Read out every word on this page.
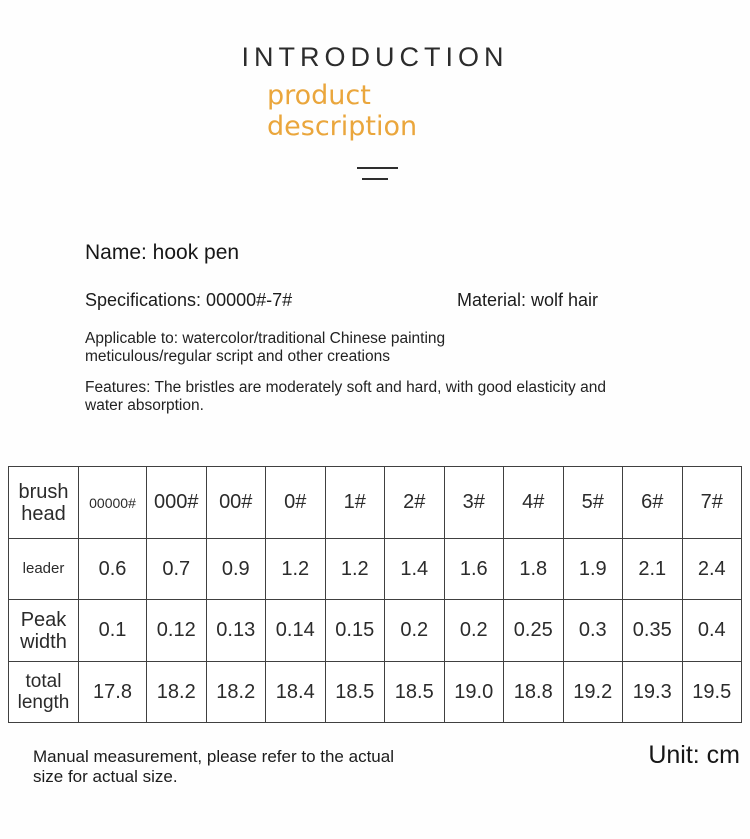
INTRODUCTION
product
description
Name: hook pen
Specifications: 00000#-7#	Material: wolf hair
Applicable to: watercolor/traditional Chinese painting
meticulous/regular script and other creations
Features: The bristles are moderately soft and hard, with good elasticity and
water absorption.
brush head	00000#	000#	00#	0#	1#	2#	3#	4#	5#	6#	7#
leader	0.6	0.7	0.9	1.2	1.2	1.4	1.6	1.8	1.9	2.1	2.4
Peak width	0.1	0.12	0.13	0.14	0.15	0.2	0.2	0.25	0.3	0.35	0.4
total length	17.8	18.2	18.2	18.4	18.5	18.5	19.0	18.8	19.2	19.3	19.5
Manual measurement, please refer to the actual
size for actual size.
Unit: cm
